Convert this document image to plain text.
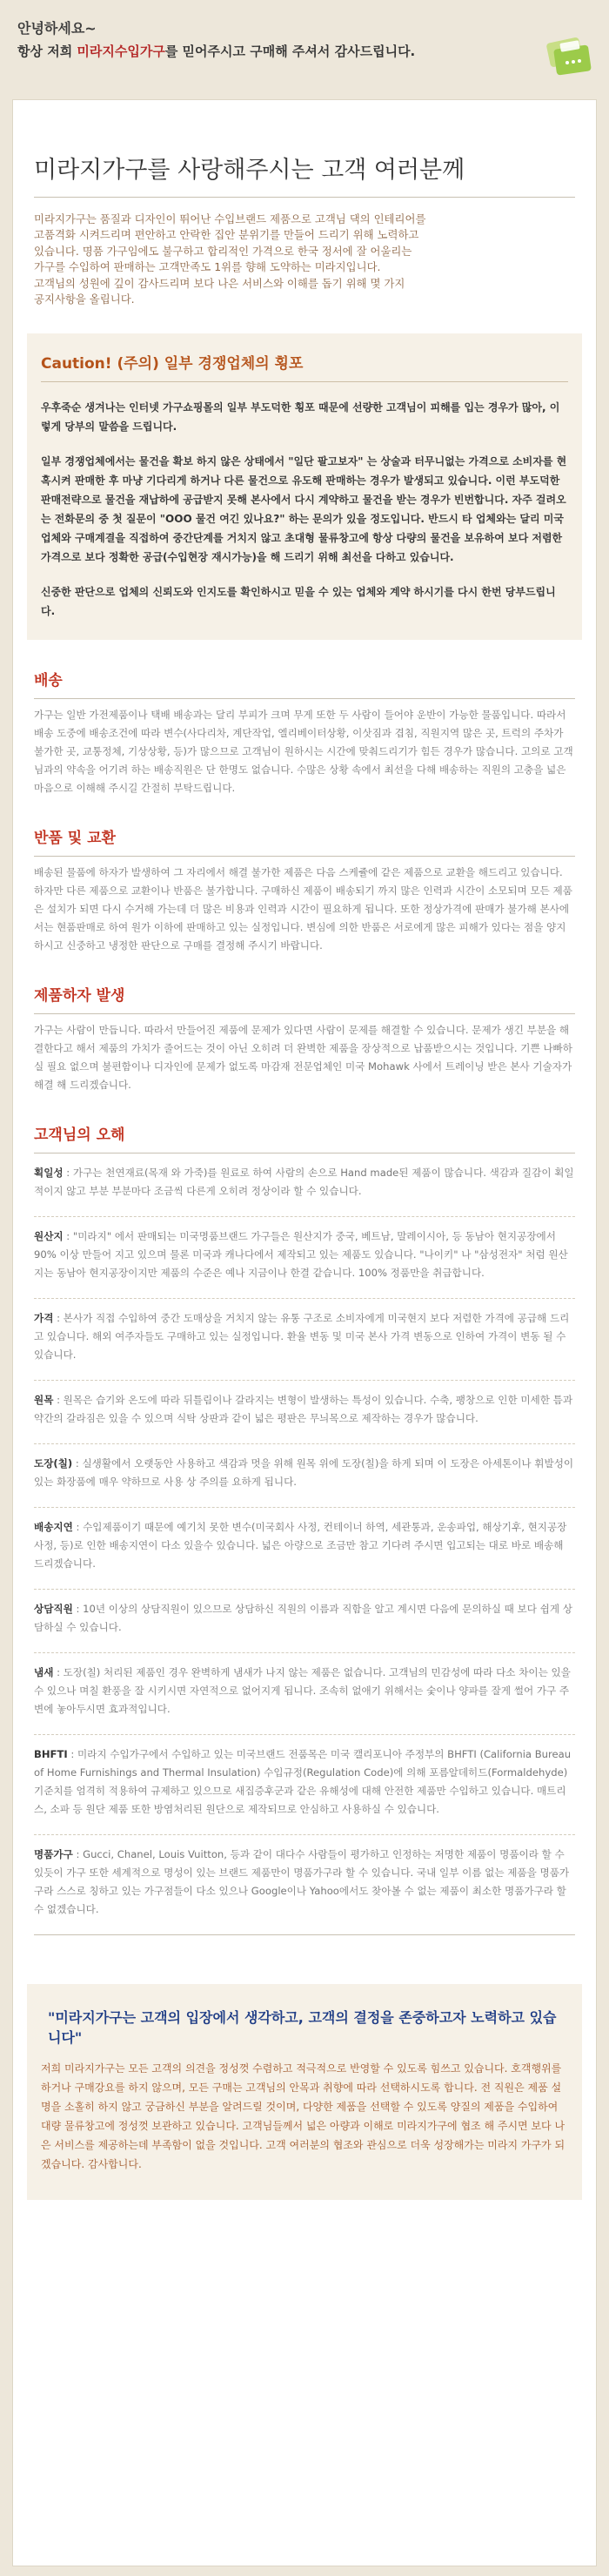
안녕하세요~
항상 저희 미라지수입가구를 믿어주시고 구매해 주셔서 감사드립니다.
미라지가구를 사랑해주시는 고객 여러분께

미라지가구는 품질과 디자인이 뛰어난 수입브랜드 제품으로 고객님 댁의 인테리어를

고품격화 시켜드리며 편안하고 안락한 집안 분위기를 만들어 드리기 위해 노력하고

있습니다. 명품 가구임에도 불구하고 합리적인 가격으로 한국 정서에 잘 어울리는

가구를 수입하여 판매하는 고객만족도 1위를 향해 도약하는 미라지입니다.

고객님의 성원에 깊이 감사드리며 보다 나은 서비스와 이해를 돕기 위해 몇 가지

공지사항을 올립니다.

Caution! (주의) 일부 경쟁업체의 횡포

우후죽순 생겨나는 인터넷 가구쇼핑몰의 일부 부도덕한 횡포 때문에 선량한 고객님이 피해를 입는 경우가 많아, 이렇게 당부의 말씀을 드립니다.

일부 경쟁업체에서는 물건을 확보 하지 않은 상태에서 "일단 팔고보자" 는 상술과 터무니없는 가격으로 소비자를 현혹시켜 판매한 후 마냥 기다리게 하거나 다른 물건으로 유도해 판매하는 경우가 발생되고 있습니다. 이런 부도덕한 판매전략으로 물건을 재납하에 공급받지 못해 본사에서 다시 계약하고 물건을 받는 경우가 빈번합니다. 자주 걸려오는 전화문의 중 첫 질문이 "OOO 물건 여긴 있나요?" 하는 문의가 있을 정도입니다. 반드시 타 업체와는 달리 미국업체와 구매계결을 직접하여 중간단계를 거치지 않고 초대형 물류창고에 항상 다량의 물건을 보유하여 보다 저렴한 가격으로 보다 정확한 공급(수입현장 재시가능)을 해 드리기 위해 최선을 다하고 있습니다.

신중한 판단으로 업체의 신뢰도와 인지도를 확인하시고 믿을 수 있는 업체와 계약 하시기를 다시 한번 당부드립니다.

배송
가구는 일반 가전제품이나 택배 배송과는 달리 부피가 크며 무게 또한 두 사람이 들어야 운반이 가능한 물품입니다. 따라서 배송 도중에 배송조건에 따라 변수(사다리차, 계단작업, 엘리베이터상황, 이삿짐과 겹침, 직원지역 많은 곳, 트럭의 주차가 불가한 곳, 교통정체, 기상상황, 등)가 많으므로 고객님이 원하시는 시간에 맞춰드리기가 힘든 경우가 많습니다. 고의로 고객님과의 약속을 어기려 하는 배송직원은 단 한명도 없습니다. 수많은 상황 속에서 최선을 다해 배송하는 직원의 고충을 넓은 마음으로 이해해 주시길 간절히 부탁드립니다.
반품 및 교환
배송된 물품에 하자가 발생하여 그 자리에서 해결 불가한 제품은 다음 스케쥴에 같은 제품으로 교환을 해드리고 있습니다. 하자만 다른 제품으로 교환이나 반품은 불가합니다. 구매하신 제품이 배송되기 까지 많은 인력과 시간이 소모되며 모든 제품은 설치가 되면 다시 수거해 가는데 더 많은 비용과 인력과 시간이 필요하게 됩니다. 또한 정상가격에 판매가 불가해 본사에서는 현품판매로 하여 원가 이하에 판매하고 있는 실정입니다. 변심에 의한 반품은 서로에게 많은 피해가 있다는 점을 양지하시고 신중하고 냉정한 판단으로 구매를 결정해 주시기 바랍니다.
제품하자 발생
가구는 사람이 만듭니다. 따라서 만들어진 제품에 문제가 있다면 사람이 문제를 해결할 수 있습니다. 문제가 생긴 부분을 해결한다고 해서 제품의 가치가 줄어드는 것이 아닌 오히려 더 완벽한 제품을 장상적으로 납품받으시는 것입니다. 기쁜 나빠하실 필요 없으며 불편함이나 디자인에 문제가 없도록 마감재 전문업체인 미국 Mohawk 사에서 트레이닝 받은 본사 기술자가 해결 해 드리겠습니다.
고객님의 오해
획일성 : 가구는 천연재료(목재 와 가죽)를 원료로 하여 사람의 손으로 Hand made된 제품이 많습니다. 색감과 질감이 획일적이지 않고 부분 부분마다 조금씩 다른게 오히려 정상이라 할 수 있습니다.
원산지 : "미라지" 에서 판매되는 미국명품브랜드 가구들은 원산지가 중국, 베트남, 말레이시아, 등 동남아 현지공장에서 90% 이상 만들어 지고 있으며 물론 미국과 캐나다에서 제작되고 있는 제품도 있습니다. "나이키" 나 "삼성전자" 처럼 원산지는 동남아 현지공장이지만 제품의 수준은 예나 지금이나 한결 같습니다. 100% 정품만을 취급합니다.
가격 : 본사가 직접 수입하여 중간 도매상을 거치지 않는 유통 구조로 소비자에게 미국현지 보다 저렴한 가격에 공급해 드리고 있습니다. 해외 여주자들도 구매하고 있는 실정입니다. 환율 변동 및 미국 본사 가격 변동으로 인하여 가격이 변동 될 수 있습니다.
원목 : 원목은 습기와 온도에 따라 뒤틀림이나 갈라지는 변형이 발생하는 특성이 있습니다. 수축, 팽창으로 인한 미세한 틈과 약간의 갈라짐은 있을 수 있으며 식탁 상판과 같이 넓은 평판은 무늬목으로 제작하는 경우가 많습니다.
도장(칠) : 실생활에서 오랫동안 사용하고 색감과 멋을 위해 원목 위에 도장(칠)을 하게 되며 이 도장은 아세톤이나 휘발성이 있는 화장품에 매우 약하므로 사용 상 주의를 요하게 됩니다.
배송지연 : 수입제품이기 때문에 예기치 못한 변수(미국회사 사정, 컨테이너 하역, 세관통과, 운송파업, 해상기후, 현지공장사정, 등)로 인한 배송지연이 다소 있을수 있습니다. 넓은 아량으로 조금만 참고 기다려 주시면 입고되는 대로 바로 배송해 드리겠습니다.
상담직원 : 10년 이상의 상담직원이 있으므로 상담하신 직원의 이름과 직함을 알고 계시면 다음에 문의하실 때 보다 쉽게 상담하실 수 있습니다.
냄새 : 도장(칠) 처리된 제품인 경우 완벽하게 냄새가 나지 않는 제품은 없습니다. 고객님의 민감성에 따라 다소 차이는 있을 수 있으나 며칠 환풍을 잘 시키시면 자연적으로 없어지게 됩니다. 조속히 없애기 위해서는 숯이나 양파를 잘게 썰어 가구 주변에 놓아두시면 효과적입니다.
BHFTI : 미라지 수입가구에서 수입하고 있는 미국브랜드 전품목은 미국 캘리포니아 주정부의 BHFTI (California Bureau of Home Furnishings and Thermal Insulation) 수입규정(Regulation Code)에 의해 포름알데히드(Formaldehyde) 기준치를 엄격히 적용하여 규제하고 있으므로 새집증후군과 같은 유해성에 대해 안전한 제품만 수입하고 있습니다. 매트리스, 소파 등 원단 제품 또한 방염처리된 원단으로 제작되므로 안심하고 사용하실 수 있습니다.
명품가구 : Gucci, Chanel, Louis Vuitton, 등과 같이 대다수 사람들이 평가하고 인정하는 저명한 제품이 명품이라 할 수 있듯이 가구 또한 세계적으로 명성이 있는 브랜드 제품만이 명품가구라 할 수 있습니다. 국내 일부 이름 없는 제품을 명품가구라 스스로 칭하고 있는 가구점들이 다소 있으나 Google이나 Yahoo에서도 찾아볼 수 없는 제품이 최소한 명품가구라 할 수 없겠습니다.
"미라지가구는 고객의 입장에서 생각하고, 고객의 결정을 존중하고자 노력하고 있습니다"

저희 미라지가구는 모든 고객의 의견을 정성껏 수렴하고 적극적으로 반영할 수 있도록 힘쓰고 있습니다. 호객행위를 하거나 구매강요를 하지 않으며, 모든 구매는 고객님의 안목과 취향에 따라 선택하시도록 합니다. 전 직원은 제품 설명을 소홀히 하지 않고 궁금하신 부분을 알려드릴 것이며, 다양한 제품을 선택할 수 있도록 양질의 제품을 수입하여 대량 물류창고에 정성껏 보관하고 있습니다. 고객님들께서 넓은 아량과 이해로 미라지가구에 협조 해 주시면 보다 나은 서비스를 제공하는데 부족함이 없을 것입니다. 고객 여러분의 협조와 관심으로 더욱 성장해가는 미라지 가구가 되겠습니다. 감사합니다.
